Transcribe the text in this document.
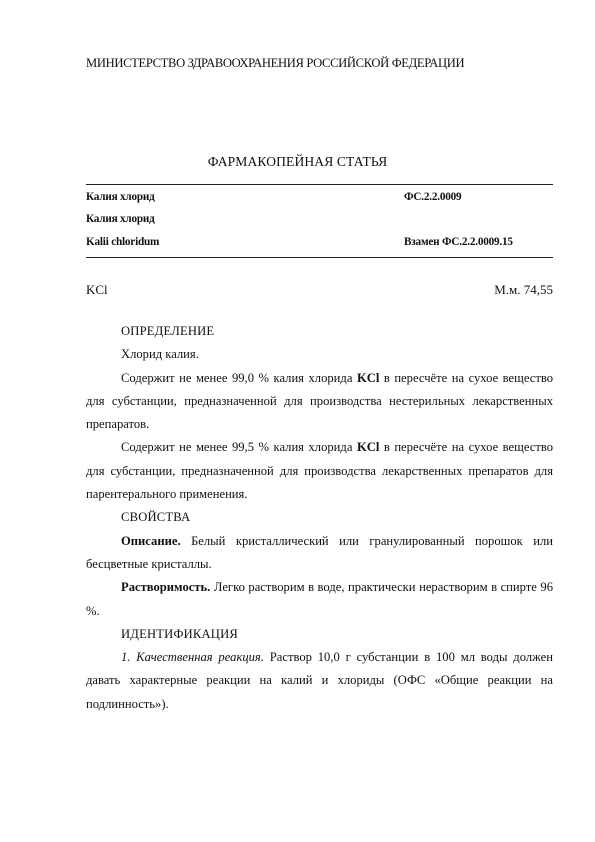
МИНИСТЕРСТВО ЗДРАВООХРАНЕНИЯ РОССИЙСКОЙ ФЕДЕРАЦИИ
ФАРМАКОПЕЙНАЯ СТАТЬЯ
Калия хлорид	ФС.2.2.0009
Калия хлорид
Kalii chloridum	Взамен ФС.2.2.0009.15
KCl	М.м. 74,55

ОПРЕДЕЛЕНИЕ

Хлорид калия.

Содержит не менее 99,0 % калия хлорида KCl в пересчёте на сухое вещество для субстанции, предназначенной для производства нестерильных лекарственных препаратов.

Содержит не менее 99,5 % калия хлорида KCl в пересчёте на сухое вещество для субстанции, предназначенной для производства лекарственных препаратов для парентерального применения.

СВОЙСТВА

Описание. Белый кристаллический или гранулированный порошок или бесцветные кристаллы.

Растворимость. Легко растворим в воде, практически нерастворим в спирте 96 %.

ИДЕНТИФИКАЦИЯ

1. Качественная реакция. Раствор 10,0 г субстанции в 100 мл воды должен давать характерные реакции на калий и хлориды (ОФС «Общие реакции на подлинность»).
